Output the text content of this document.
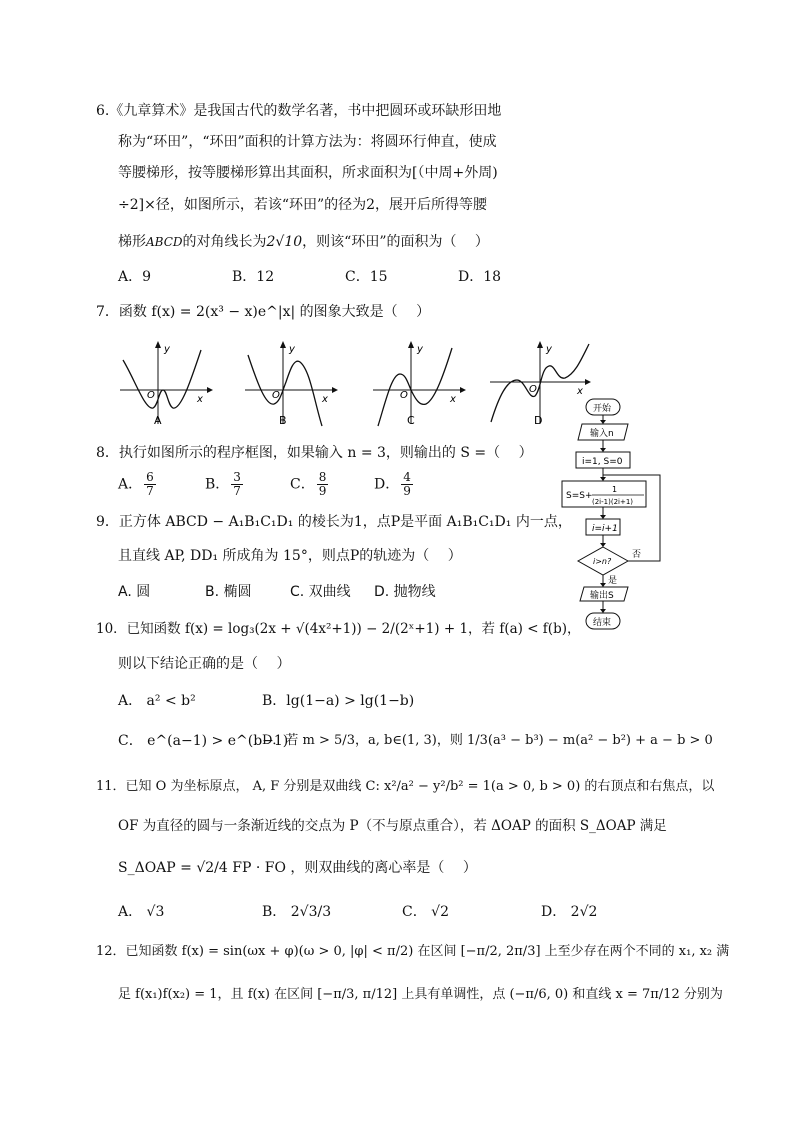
6.《九章算术》是我国古代的数学名著，书中把圆环或环缺形田地
称为“环田”，“环田”面积的计算方法为：将圆环行伸直，使成
等腰梯形，按等腰梯形算出其面积，所求面积为[（中周+外周)
÷2]×径，如图所示，若该“环田”的径为2，展开后所得等腰
梯形ABCD的对角线长为2√10，则该“环田”的面积为（　 ）
A．9	B．12	C．15	D．18
7．函数 f(x) = 2(x³ − x)e^|x| 的图象大致是（　 ）
y
x
O
A
y
x
O
B
y
x
O
C
y
x
O
D
8．执行如图所示的程序框图，如果输入 n = 3，则输出的 S =（　 ）
A． $\frac{6}{7}$	B． $\frac{3}{7}$	C． $\frac{8}{9}$	D． $\frac{4}{9}$
开始
输入n
i=1, S=0
S=S+
1
(2i-1)(2i+1)
i=i+1
i>n?
否
是
输出S
结束
9．正方体 ABCD − A₁B₁C₁D₁ 的棱长为1，点P是平面 A₁B₁C₁D₁ 内一点，
且直线 AP, DD₁ 所成角为 15°，则点P的轨迹为（　 ）
A. 圆	B. 椭圆	C. 双曲线 D. 抛物线
10．已知函数 f(x) = log₃(2x + √(4x²+1)) − 2/(2ˣ+1) + 1，若 f(a) < f(b)，
则以下结论正确的是（　 ）
A． a² < b²	B．lg(1−a) > lg(1−b)
C． e^(a−1) > e^(b−1)
D．若 m > 5/3，a, b∈(1, 3)，则 1/3(a³ − b³) − m(a² − b²) + a − b > 0
11．已知 O 为坐标原点， A, F 分别是双曲线 C: x²/a² − y²/b² = 1(a > 0, b > 0) 的右顶点和右焦点，以
OF 为直径的圆与一条渐近线的交点为 P（不与原点重合），若 ΔOAP 的面积 S_ΔOAP 满足
S_ΔOAP = √2/4 FP · FO ，则双曲线的离心率是（　 ）
A． √3	B． 2√3/3	C． √2	D． 2√2
12．已知函数 f(x) = sin(ωx + φ)(ω > 0, |φ| < π/2) 在区间 [−π/2, 2π/3] 上至少存在两个不同的 x₁, x₂ 满
足 f(x₁)f(x₂) = 1，且 f(x) 在区间 [−π/3, π/12] 上具有单调性，点 (−π/6, 0) 和直线 x = 7π/12 分别为
